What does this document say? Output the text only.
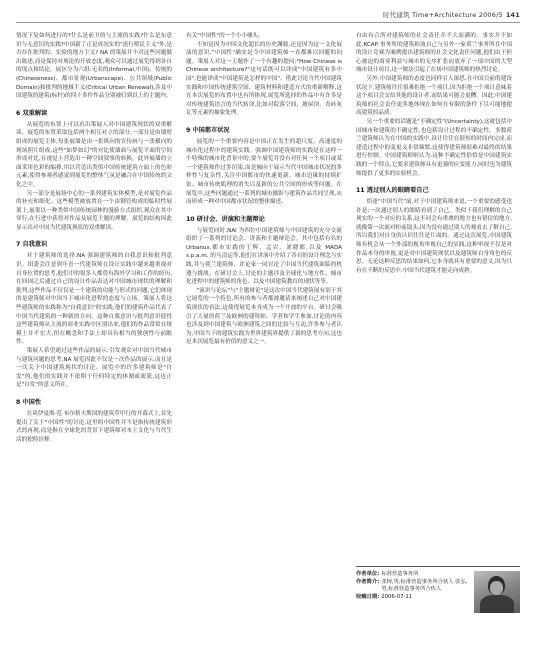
时代建筑 Time+Architecture 2006/5 141

情况下复如何进行的?什么是前卫的与主流的实践?什么是东意识与无意识的实践?中国新了正是成况实的"流行殖民主义"外,是否存在批判的、实验的地方主义? NA 的策展并不对这些问题做出陈述,而是保持对现论的开放态度,观众可以通过展览得到各自的现点和结论。展区分为六组:无名的(Informal,中国)、传统的(Chineseness)、都市景观(Urbanscape)、公共领域(Public Domain)和批判的地域主义(Critical Urban Renewal),涉及中国建筑的建筑(标杆)的四十多件作品分别被归到以上的主题内。

6 双重解读

从展览的布置上可以看出策展人对中国建筑现状的双重解读。展览的布置采取包括两个相互对立的部分,一部分是由墙壁组成的展览主体,每张展墙是由一张纵向的宣传画与一张横向的现场照片组成,这些"如梦如幻"的对比使墙面与展览平面的空间形成对比,在视觉上营造出一种空间叙事的转换。此外展墙的立面采用色彩的编排,用以营造出类似中国传统建筑立面上的色彩元素,使得参观者感觉到展览的整体气氛是融合在中国传统的文化之中。

另一部分是展场中心的一系列建筑实体模型,是对展览作品的补充和细化。这些模型被放置在一个由钢管构成的临时性展架上,展架以一种类似中国传统园林的漫游方式组织,观众在其中穿行,在行进中获得对作品及展览主题的理解。展览的结构因此显示出对中国当代建筑现状的双重解读。

7 自我意识

对于建筑师的选择,NA 强调建筑师的自我意识和批判意识。组委会注意到年青一代建筑师在设计实践中越来越重视对自身位置的思考,他们中的很多人都曾有海外学习和工作的经历,在回国之后通过自己的设计作品表达对中国城市现状的理解和批判,这些作品不仅仅是一个建筑的功能与形式的问题,它们体现的是建筑师对中国当下城市化进程的态度与立场。策展人将这些建筑师的实践称为"自我意识"的实践,他们的建筑作品代表了中国当代建筑的一种新的方向。这种自我意识与批判意识使得这些建筑师从主流的商业实践中区别出来,他们的作品常常在规模上并不宏大,但在概念和手法上却具有相当的独创性与前瞻性。

策展人希望通过这些作品的展示,引发观众对中国当代城市与建筑问题的思考,NA 展览因此不仅是一次作品的展示,而且是一次关于中国建筑现状的讨论。展览中的许多建筑师是"自发"的,他们的实践并不依附于任何特定的体制或流派,这也正是"自发"的意义所在。

8 中国性

在谈伊曼斯·范·布尔格夫斯国的建筑草甲行的开幕式上,首先提出了关于"中国性"的讨论,这里的中国性并不是指传统建筑形式的再现,而是指在全球化的背景下建筑师对本土文化与当代生活的独特诠释。

有关"中国性"的一个小小噱头。

不知是因为中国文化超长的历史渊源,还是因为这一文化展演的意识,"中国性"确实是令中国建筑师一直都难以回避的问题。策展人对这一主题作了一个有趣的提问:"How Chinese is Chinese architecture?"这句话既可以译成"中国建筑有多中国",也能译成"中国建筑是怎样的中国"。借此讨论当代中国建筑实践和中国传统建筑空间、建筑材料和建造方式的重新解释,这在本次展览的布置中也有所体现,展览所选择的作品中有许多是对传统建筑语言的当代转译,比如对院落空间、坡屋顶、青砖灰瓦等元素的抽象处理。

9 中国都市状况

展览的一个重要内容是中国正在发生的超尺度、高速度的城市化过程中的建筑实践。强调中国建筑师的实践是在这样一个特殊的城市化背景中的,要个展览并没有对任何一个项目或某一个建筑师作过多渲染,而是倾向于展示当代中国城市状况的多样性与复杂性,关注中国都市的快速更新、城市边缘的持续扩张、城市传统肌理的消失以及新的公共空间的形成等问题。在展览中,这些问题通过一系列的城市摄影与建筑作品共同呈现,从而形成一种对中国都市状况的整体描述。

10 研讨会、讲演和主题辩论

与展览同时,NAi 为四位中国建筑师与中国建筑的充分交流组织了一系列的讨论会、讲演和主题辩论会。其中包括有名的 Urbanus,都市实践的王辉、孟岩、刘晓都,以及 MADA s.p.a.m. 的马清运等,他们在讲演中介绍了各自的设计理念与实践,并与荷兰建筑师、评论家一同讨论了中国当代建筑面临的机遇与挑战。在研讨会上,讨论的主题涉及全球化与地方性、城市化进程中的建筑师的角色、以及中国建筑教育的现状等等。

"演讲与论坛"与"主题辩论"是这次中国当代建筑展有别于其它展览的一个特色,所有的参与者都被邀请来阐述自己对中国建筑现状的看法,这使得展览本身成为一个开放的平台。研讨会吸引了大量的荷兰及欧洲的建筑师、学者和学生参加,讨论的内容也涉及到中国建筑与欧洲建筑之间的比较与互动,许多参与者认为,中国当下的建筑实践为世界建筑界提供了新的思考方向,这也是本次展览最有价值的意义之一。

自由有合所对建筑师的社会责任并不大而满的。事实并不如此,KCAP 事务所的建筑师放自己与另外一家荷兰事务所在中国的设计竞赛为案例提出建筑师的社会文化责任问题,他们由于担心被迫的商业利益与城市的无序扩张而放弃了一项中国的大型城市设计项目,这一做法引起了在场中国建筑师的热烈讨论。

另外,中国建筑师的态度也同样引人深思,在中国目前的建设状况下,建筑师往往很难拒绝一个项目,因为拒绝一个项目意味着这个项目会交给其他的设计者,而结果可能会更糟。因此,中国建筑师的社会责任更多地体现在如何在有限的条件下尽可能地提高建筑的品质。

另一个重要的话题是"不确定性"(Uncertainty),这就包括中国城市和建筑的不确定性,也包括设计过程的不确定性。多数荷兰建筑师认为在中国的实践中,设计往往在很短的时间内完成,而建造过程中的变更又非常频繁,这使得建筑师很难对最终的结果进行控制。中国建筑师则认为,这种不确定性恰恰是中国建筑实践的一个特点,它要求建筑师具有更强的应变能力,同时也为建筑师提供了更多的实验机会。

11 透过别人的眼睛看自己

恰逢"中国当代"展,对于中国建筑师来说,一个重要的感受也许是:一次通过别人的眼睛看到了自己。类似于我们理解的自己现实的一个对应的关系,这不同会有重叠的地方也有错位的地方,就像第一次面对柜前镜头,因为没有通过别人的观看去了解自己,所以我们对自身的认识往往是片面的。通过这次展览,中国建筑师有机会从一个外部的视角审视自己的实践,这种审视不仅是对作品本身的审视,更是对中国建筑现状以及建筑师自身角色的反思。无论这种反思的结果如何,它本身就具有重要的意义,因为只有在不断的反思中,中国当代建筑才能走向成熟。

作者单位: 标准营造事务所
作者简介: 张轲,男,标准营造事务所合伙人 张弘,男,标准营造事务所合伙人
收稿日期: 2006-07-11
